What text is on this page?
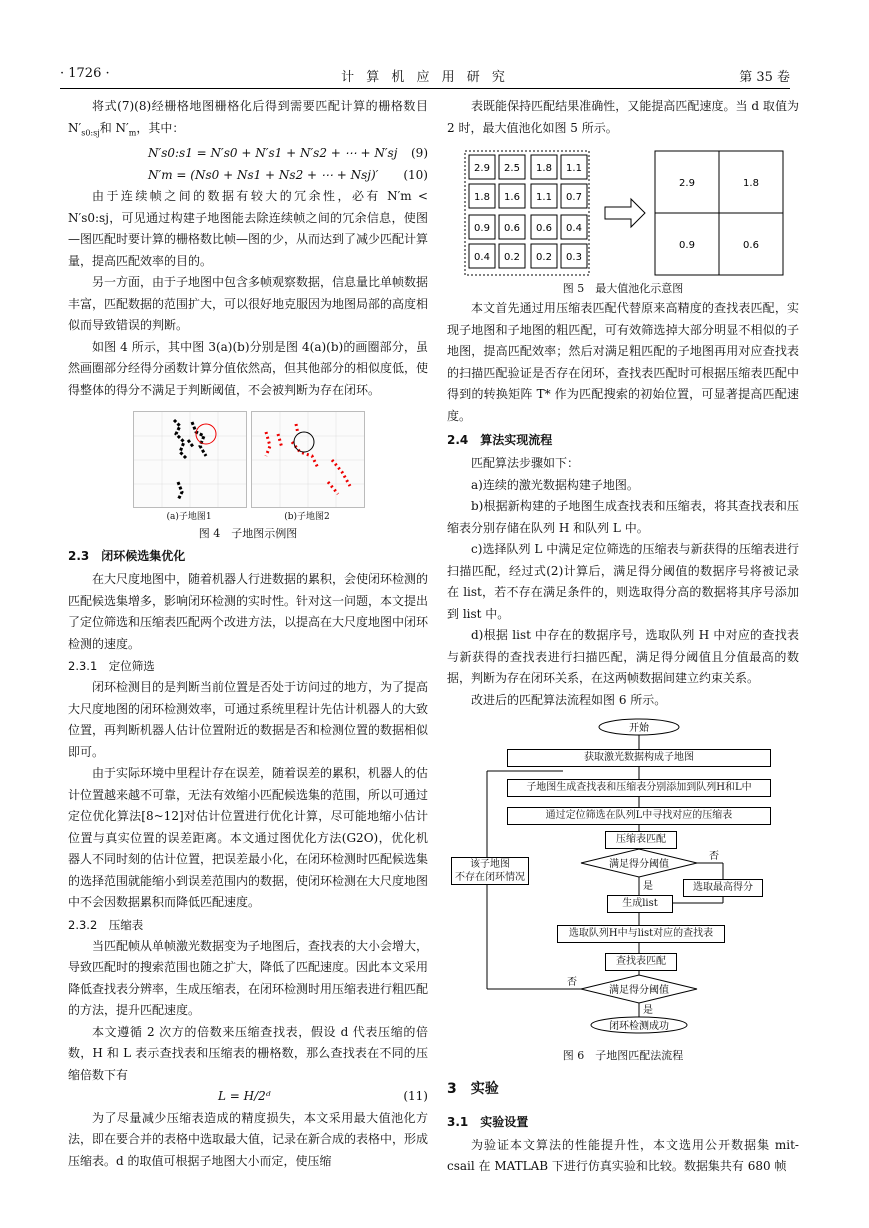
· 1726 ·	计 算 机 应 用 研 究	第 35 卷

将式(7)(8)经栅格地图栅格化后得到需要匹配计算的栅格数目 $N'_{s0:sj}$和 $N'_m$，其中：

N′s0:s1 = N′s0 + N′s1 + N′s2 + ⋯ + N′sj (9)
N′m = (Ns0 + Ns1 + Ns2 + ⋯ + Nsj)′ (10)

由于连续帧之间的数据有较大的冗余性，必有 N′m < N′s0:sj，可见通过构建子地图能去除连续帧之间的冗余信息，使图—图匹配时要计算的栅格数比帧—图的少，从而达到了减少匹配计算量，提高匹配效率的目的。

另一方面，由于子地图中包含多帧观察数据，信息量比单帧数据丰富，匹配数据的范围扩大，可以很好地克服因为地图局部的高度相似而导致错误的判断。

如图 4 所示，其中图 3(a)(b)分别是图 4(a)(b)的画圈部分，虽然画圈部分经得分函数计算分值依然高，但其他部分的相似度低，使得整体的得分不满足于判断阈值，不会被判断为存在闭环。

(a)子地图1	(b)子地图2
图 4　子地图示例图
2.3　闭环候选集优化

在大尺度地图中，随着机器人行进数据的累积，会使闭环检测的匹配候选集增多，影响闭环检测的实时性。针对这一问题，本文提出了定位筛选和压缩表匹配两个改进方法，以提高在大尺度地图中闭环检测的速度。

2.3.1　定位筛选

闭环检测目的是判断当前位置是否处于访问过的地方，为了提高大尺度地图的闭环检测效率，可通过系统里程计先估计机器人的大致位置，再判断机器人估计位置附近的数据是否和检测位置的数据相似即可。

由于实际环境中里程计存在误差，随着误差的累积，机器人的估计位置越来越不可靠，无法有效缩小匹配候选集的范围，所以可通过定位优化算法[8~12]对估计位置进行优化计算，尽可能地缩小估计位置与真实位置的误差距离。本文通过图优化方法(G2O)，优化机器人不同时刻的估计位置，把误差最小化，在闭环检测时匹配候选集的选择范围就能缩小到误差范围内的数据，使闭环检测在大尺度地图中不会因数据累积而降低匹配速度。

2.3.2　压缩表

当匹配帧从单帧激光数据变为子地图后，查找表的大小会增大，导致匹配时的搜索范围也随之扩大，降低了匹配速度。因此本文采用降低查找表分辨率，生成压缩表，在闭环检测时用压缩表进行粗匹配的方法，提升匹配速度。

本文遵循 2 次方的倍数来压缩查找表，假设 d 代表压缩的倍数，H 和 L 表示查找表和压缩表的栅格数，那么查找表在不同的压缩倍数下有

L = H/2ᵈ	(11)

为了尽量减少压缩表造成的精度损失，本文采用最大值池化方法，即在要合并的表格中选取最大值，记录在新合成的表格中，形成压缩表。d 的取值可根据子地图大小而定，使压缩

表既能保持匹配结果准确性，又能提高匹配速度。当 d 取值为 2 时，最大值池化如图 5 所示。

2.9 2.5 1.8 1.1
1.8 1.6 1.1 0.7
0.9 0.6 0.6 0.4
0.4 0.2 0.2 0.3
2.9	1.8
0.9	0.6
图 5　最大值池化示意图

本文首先通过用压缩表匹配代替原来高精度的查找表匹配，实现子地图和子地图的粗匹配，可有效筛选掉大部分明显不相似的子地图，提高匹配效率；然后对满足粗匹配的子地图再用对应查找表的扫描匹配验证是否存在闭环，查找表匹配时可根据压缩表匹配中得到的转换矩阵 T* 作为匹配搜索的初始位置，可显著提高匹配速度。

2.4　算法实现流程

匹配算法步骤如下：

a)连续的激光数据构建子地图。

b)根据新构建的子地图生成查找表和压缩表，将其查找表和压缩表分别存储在队列 H 和队列 L 中。

c)选择队列 L 中满足定位筛选的压缩表与新获得的压缩表进行扫描匹配，经过式(2)计算后，满足得分阈值的数据序号将被记录在 list，若不存在满足条件的，则选取得分高的数据将其序号添加到 list 中。

d)根据 list 中存在的数据序号，选取队列 H 中对应的查找表与新获得的查找表进行扫描匹配，满足得分阈值且分值最高的数据，判断为存在闭环关系，在这两帧数据间建立约束关系。

改进后的匹配算法流程如图 6 所示。

开始
满足得分阈值
满足得分阈值
闭环检测成功
否
是
否
是
获取激光数据构成子地图
子地图生成查找表和压缩表分别添加到队列H和L中
通过定位筛选在队列L中寻找对应的压缩表
压缩表匹配
选取最高得分
生成list
选取队列H中与list对应的查找表
查找表匹配
该子地图
不存在闭环情况
图 6　子地图匹配法流程
3　实验
3.1　实验设置

为验证本文算法的性能提升性，本文选用公开数据集 mit-csail 在 MATLAB 下进行仿真实验和比较。数据集共有 680 帧
